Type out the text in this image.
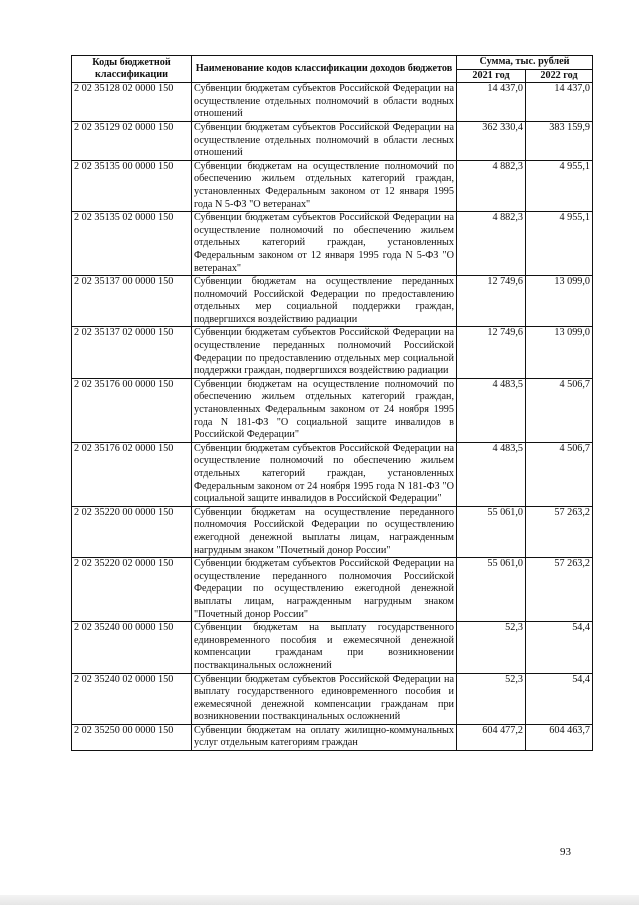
Коды бюджетной классификации	Наименование кодов классификации доходов бюджетов	Сумма, тыс. рублей	
		2021 год	2022 год
2 02 35128 02 0000 150	Субвенции бюджетам субъектов Российской Федерации на осуществление отдельных полномочий в области водных отношений	14 437,0	14 437,0
2 02 35129 02 0000 150	Субвенции бюджетам субъектов Российской Федерации на осуществление отдельных полномочий в области лесных отношений	362 330,4	383 159,9
2 02 35135 00 0000 150	Субвенции бюджетам на осуществление полномочий по обеспечению жильем отдельных категорий граждан, установленных Федеральным законом от 12 января 1995 года N 5-ФЗ "О ветеранах"	4 882,3	4 955,1
2 02 35135 02 0000 150	Субвенции бюджетам субъектов Российской Федерации на осуществление полномочий по обеспечению жильем отдельных категорий граждан, установленных Федеральным законом от 12 января 1995 года N 5-ФЗ "О ветеранах"	4 882,3	4 955,1
2 02 35137 00 0000 150	Субвенции бюджетам на осуществление переданных полномочий Российской Федерации по предоставлению отдельных мер социальной поддержки граждан, подвергшихся воздействию радиации	12 749,6	13 099,0
2 02 35137 02 0000 150	Субвенции бюджетам субъектов Российской Федерации на осуществление переданных полномочий Российской Федерации по предоставлению отдельных мер социальной поддержки граждан, подвергшихся воздействию радиации	12 749,6	13 099,0
2 02 35176 00 0000 150	Субвенции бюджетам на осуществление полномочий по обеспечению жильем отдельных категорий граждан, установленных Федеральным законом от 24 ноября 1995 года N 181-ФЗ "О социальной защите инвалидов в Российской Федерации"	4 483,5	4 506,7
2 02 35176 02 0000 150	Субвенции бюджетам субъектов Российской Федерации на осуществление полномочий по обеспечению жильем отдельных категорий граждан, установленных Федеральным законом от 24 ноября 1995 года N 181-ФЗ "О социальной защите инвалидов в Российской Федерации"	4 483,5	4 506,7
2 02 35220 00 0000 150	Субвенции бюджетам на осуществление переданного полномочия Российской Федерации по осуществлению ежегодной денежной выплаты лицам, награжденным нагрудным знаком "Почетный донор России"	55 061,0	57 263,2
2 02 35220 02 0000 150	Субвенции бюджетам субъектов Российской Федерации на осуществление переданного полномочия Российской Федерации по осуществлению ежегодной денежной выплаты лицам, награжденным нагрудным знаком "Почетный донор России"	55 061,0	57 263,2
2 02 35240 00 0000 150	Субвенции бюджетам на выплату государственного единовременного пособия и ежемесячной денежной компенсации гражданам при возникновении поствакцинальных осложнений	52,3	54,4
2 02 35240 02 0000 150	Субвенции бюджетам субъектов Российской Федерации на выплату государственного единовременного пособия и ежемесячной денежной компенсации гражданам при возникновении поствакцинальных осложнений	52,3	54,4
2 02 35250 00 0000 150	Субвенции бюджетам на оплату жилищно-коммунальных услуг отдельным категориям граждан	604 477,2	604 463,7
93
